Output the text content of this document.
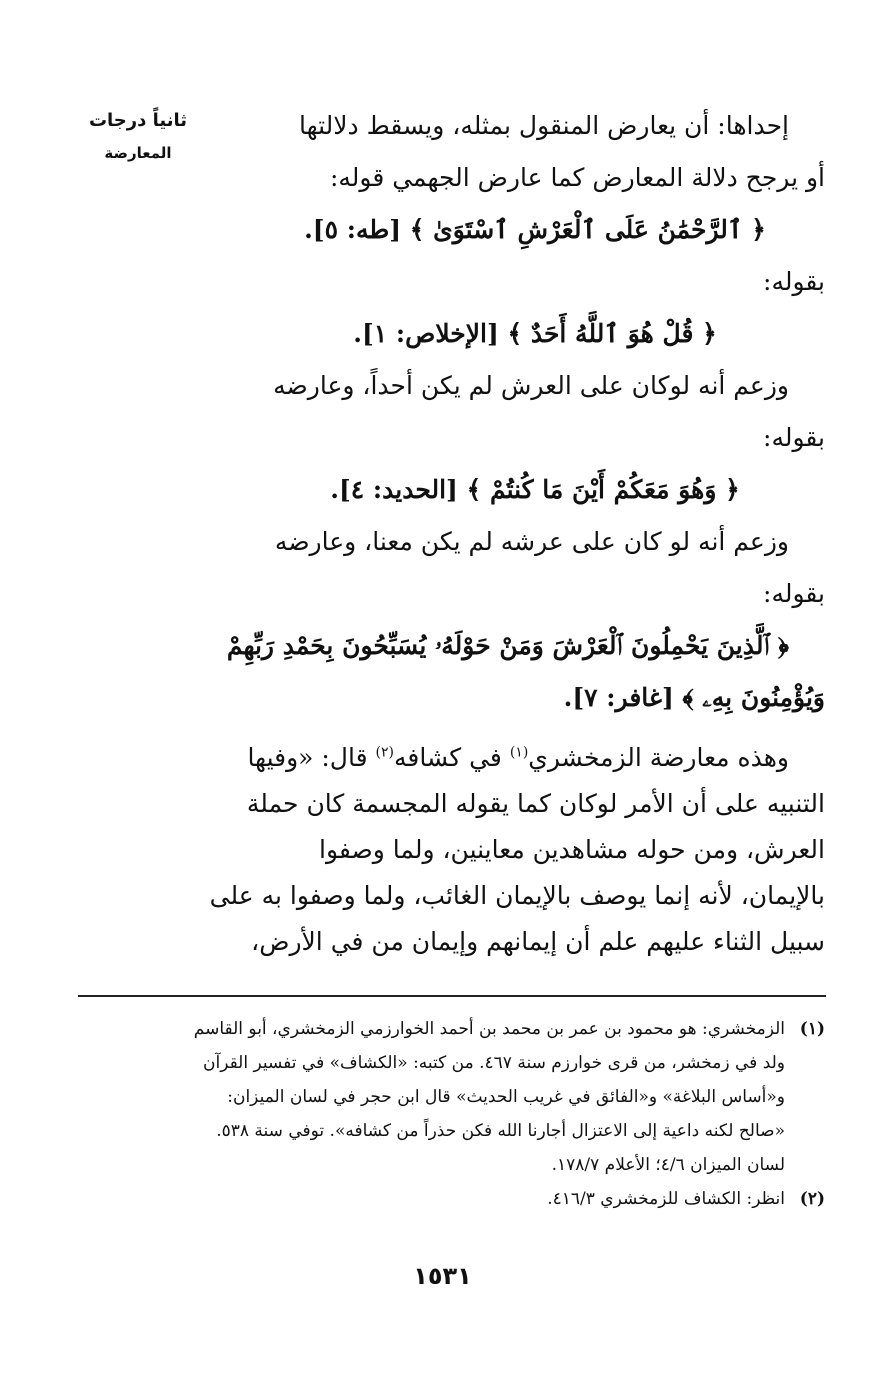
ثانياً درجات
المعارضة
إحداها: أن يعارض المنقول بمثله، ويسقط دلالتها
أو يرجح دلالة المعارض كما عارض الجهمي قوله:
﴿ ٱلرَّحْمَٰنُ عَلَى ٱلْعَرْشِ ٱسْتَوَىٰ ﴾ [طه: ٥].
بقوله:
﴿ قُلْ هُوَ ٱللَّهُ أَحَدٌ ﴾ [الإخلاص: ١].
وزعم أنه لوكان على العرش لم يكن أحداً، وعارضه
بقوله:
﴿ وَهُوَ مَعَكُمْ أَيْنَ مَا كُنتُمْ ﴾ [الحديد: ٤].
وزعم أنه لو كان على عرشه لم يكن معنا، وعارضه
بقوله:
﴿ ٱلَّذِينَ يَحْمِلُونَ ٱلْعَرْشَ وَمَنْ حَوْلَهُۥ يُسَبِّحُونَ بِحَمْدِ رَبِّهِمْ
وَيُؤْمِنُونَ بِهِۦ ﴾ [غافر: ٧].
وهذه معارضة الزمخشري$^{(١)}$ في كشافه$^{(٢)}$ قال: «وفيها
التنبيه على أن الأمر لوكان كما يقوله المجسمة كان حملة
العرش، ومن حوله مشاهدين معاينين، ولما وصفوا
بالإيمان، لأنه إنما يوصف بالإيمان الغائب، ولما وصفوا به على
سبيل الثناء عليهم علم أن إيمانهم وإيمان من في الأرض،
(١)الزمخشري: هو محمود بن عمر بن محمد بن أحمد الخوارزمي الزمخشري، أبو القاسم
ولد في زمخشر، من قرى خوارزم سنة ٤٦٧. من كتبه: «الكشاف» في تفسير القرآن
و«أساس البلاغة» و«الفائق في غريب الحديث» قال ابن حجر في لسان الميزان:
«صالح لكنه داعية إلى الاعتزال أجارنا الله فكن حذراً من كشافه». توفي سنة ٥٣٨.
لسان الميزان ٤/٦؛ الأعلام ١٧٨/٧.
(٢)انظر: الكشاف للزمخشري ٤١٦/٣.
١٥٣١
